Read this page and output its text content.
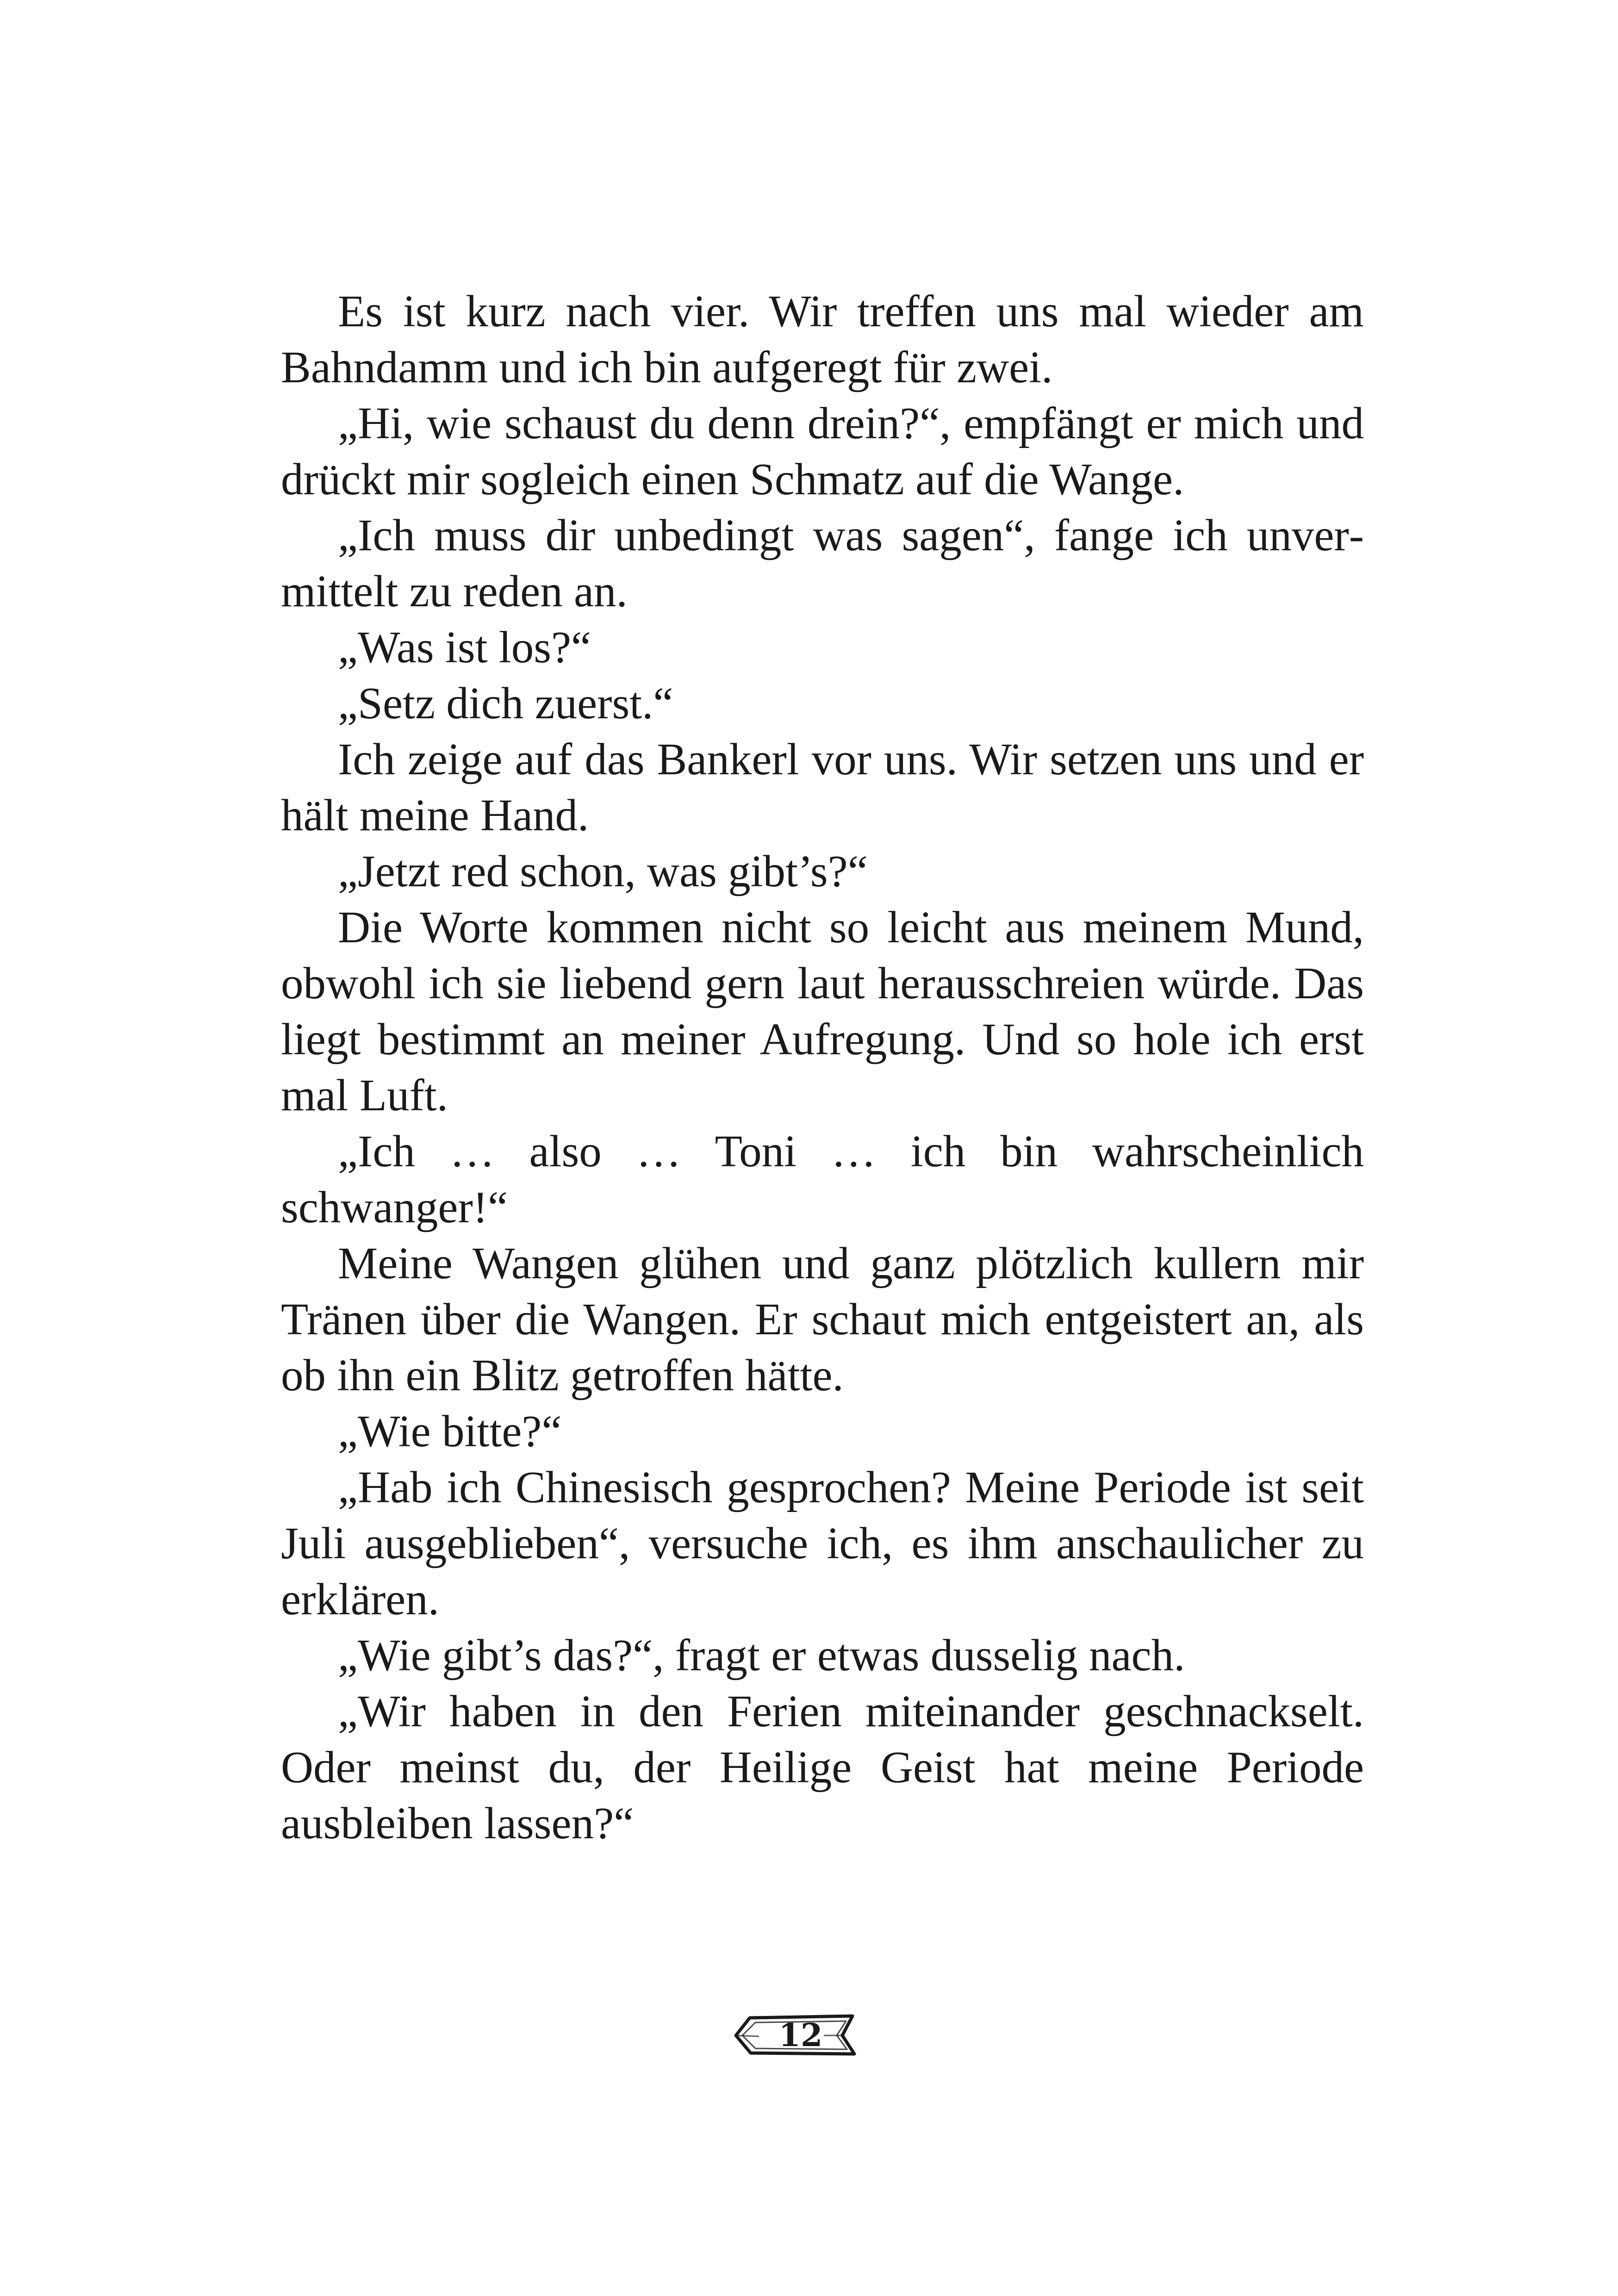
Es ist kurz nach vier. Wir treffen uns mal wieder am Bahndamm und ich bin aufgeregt für zwei.

„Hi, wie schaust du denn drein?“, empfängt er mich und drückt mir sogleich einen Schmatz auf die Wange.

„Ich muss dir unbedingt was sagen“, fange ich unvermittelt zu reden an.

„Was ist los?“

„Setz dich zuerst.“

Ich zeige auf das Bankerl vor uns. Wir setzen uns und er hält meine Hand.

„Jetzt red schon, was gibt’s?“

Die Worte kommen nicht so leicht aus meinem Mund, obwohl ich sie liebend gern laut herausschreien würde. Das liegt bestimmt an meiner Aufregung. Und so hole ich erst mal Luft.

„Ich … also … Toni … ich bin wahrscheinlich schwanger!“

Meine Wangen glühen und ganz plötzlich kullern mir Tränen über die Wangen. Er schaut mich entgeistert an, als ob ihn ein Blitz getroffen hätte.

„Wie bitte?“

„Hab ich Chinesisch gesprochen? Meine Periode ist seit Juli ausgeblieben“, versuche ich, es ihm anschaulicher zu erklären.

„Wie gibt’s das?“, fragt er etwas dusselig nach.

„Wir haben in den Ferien miteinander geschnackselt. Oder meinst du, der Heilige Geist hat meine Periode ausbleiben lassen?“

12
